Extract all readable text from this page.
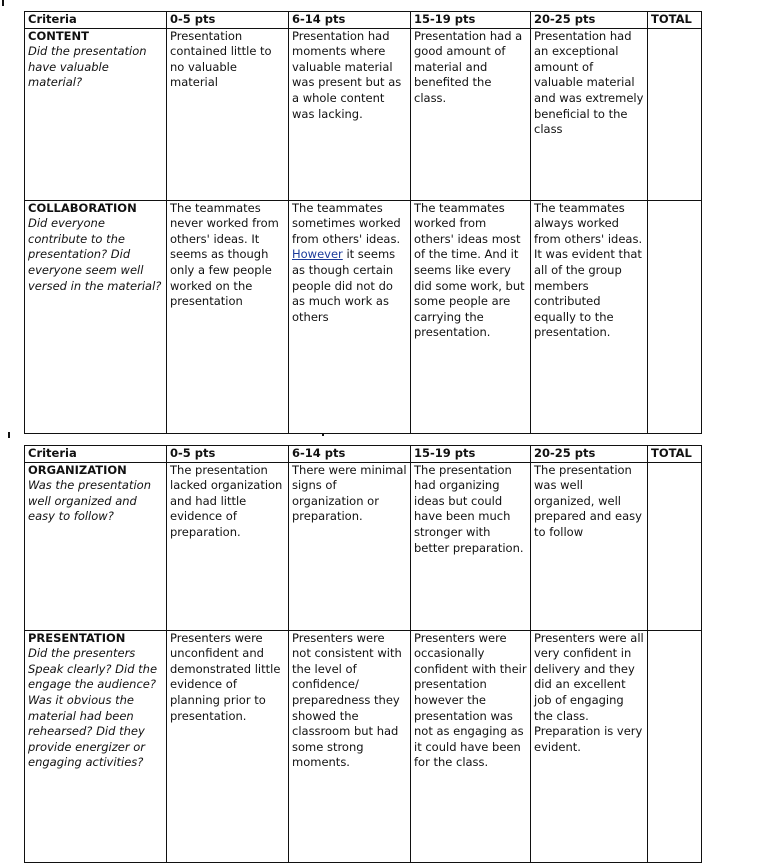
Criteria	0-5 pts	6-14 pts	15-19 pts	20-25 pts	TOTAL

CONTENT
Did the presentation have valuable material?	Presentation contained little to no valuable material	Presentation had moments where valuable material was present but as a whole content was lacking.	Presentation had a good amount of material and benefited the class.	Presentation had an exceptional amount of valuable material and was extremely beneficial to the class	

COLLABORATION
Did everyone contribute to the presentation? Did everyone seem well versed in the material?	The teammates never worked from others' ideas. It seems as though only a few people worked on the presentation	The teammates sometimes worked from others' ideas. However it seems as though certain people did not do as much work as others	The teammates worked from others' ideas most of the time. And it seems like every did some work, but some people are carrying the presentation.	The teammates always worked from others' ideas. It was evident that all of the group members contributed equally to the presentation.	
Criteria	0-5 pts	6-14 pts	15-19 pts	20-25 pts	TOTAL

ORGANIZATION
Was the presentation well organized and easy to follow?	The presentation lacked organization and had little evidence of preparation.	There were minimal signs of organization or preparation.	The presentation had organizing ideas but could have been much stronger with better preparation.	The presentation was well organized, well prepared and easy to follow	

PRESENTATION
Did the presenters Speak clearly? Did the engage the audience? Was it obvious the material had been rehearsed? Did they provide energizer or engaging activities?	Presenters were unconfident and demonstrated little evidence of planning prior to presentation.	Presenters were not consistent with the level of confidence/ preparedness they showed the classroom but had some strong moments.	Presenters were occasionally confident with their presentation however the presentation was not as engaging as it could have been for the class.	Presenters were all very confident in delivery and they did an excellent job of engaging the class. Preparation is very evident.	
